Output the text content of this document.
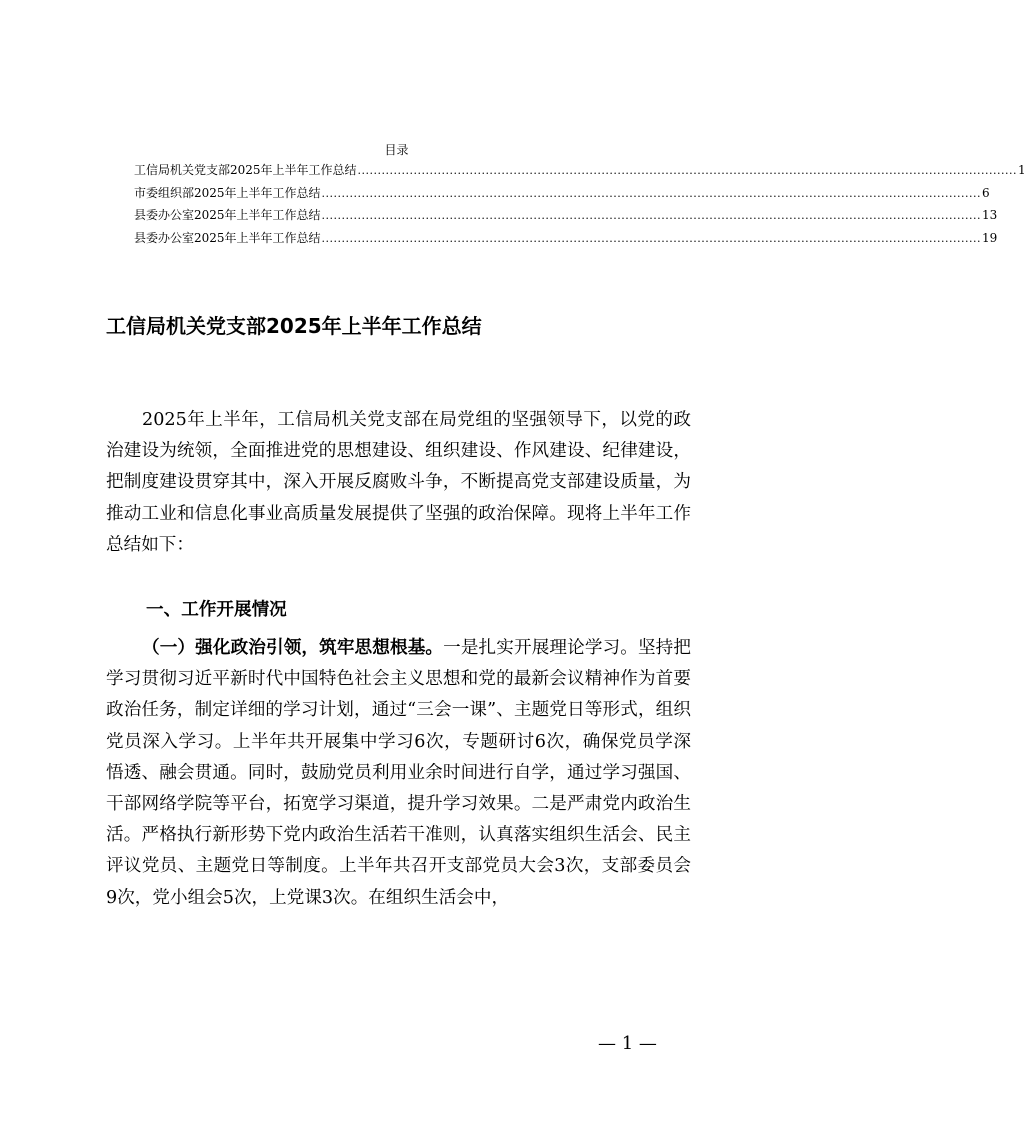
目录
工信局机关党支部2025年上半年工作总结 ..................................................................................................................................................................... 1
市委组织部2025年上半年工作总结 ..................................................................................................................................................................... 6
县委办公室2025年上半年工作总结 ..................................................................................................................................................................... 13
县委办公室2025年上半年工作总结 ..................................................................................................................................................................... 19
工信局机关党支部2025年上半年工作总结
2025年上半年，工信局机关党支部在局党组的坚强领导下，以党的政治建设为统领，全面推进党的思想建设、组织建设、作风建设、纪律建设，把制度建设贯穿其中，深入开展反腐败斗争，不断提高党支部建设质量，为推动工业和信息化事业高质量发展提供了坚强的政治保障。现将上半年工作总结如下：
一、工作开展情况
（一）强化政治引领，筑牢思想根基。一是扎实开展理论学习。坚持把学习贯彻习近平新时代中国特色社会主义思想和党的最新会议精神作为首要政治任务，制定详细的学习计划，通过“三会一课”、主题党日等形式，组织党员深入学习。上半年共开展集中学习6次，专题研讨6次，确保党员学深悟透、融会贯通。同时，鼓励党员利用业余时间进行自学，通过学习强国、干部网络学院等平台，拓宽学习渠道，提升学习效果。二是严肃党内政治生活。严格执行新形势下党内政治生活若干准则，认真落实组织生活会、民主评议党员、主题党日等制度。上半年共召开支部党员大会3次，支部委员会9次，党小组会5次，上党课3次。在组织生活会中，
— 1 —
